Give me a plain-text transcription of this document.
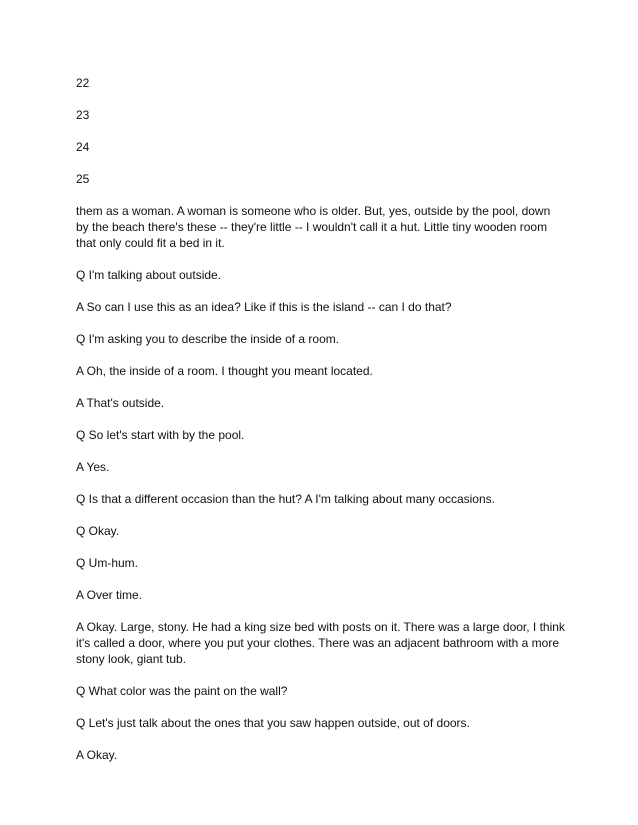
22
23
24
25

them as a woman. A woman is someone who is older. But, yes, outside by the pool, down by the beach there's these -- they're little -- I wouldn't call it a hut. Little tiny wooden room that only could fit a bed in it.

Q I'm talking about outside.

A So can I use this as an idea? Like if this is the island -- can I do that?

Q I'm asking you to describe the inside of a room.

A Oh, the inside of a room. I thought you meant located.

A That's outside.

Q So let's start with by the pool.

A Yes.

Q Is that a different occasion than the hut? A I'm talking about many occasions.

Q Okay.

Q Um-hum.

A Over time.

A Okay. Large, stony. He had a king size bed with posts on it. There was a large door, I think it's called a door, where you put your clothes. There was an adjacent bathroom with a more stony look, giant tub.

Q What color was the paint on the wall?

Q Let's just talk about the ones that you saw happen outside, out of doors.

A Okay.
